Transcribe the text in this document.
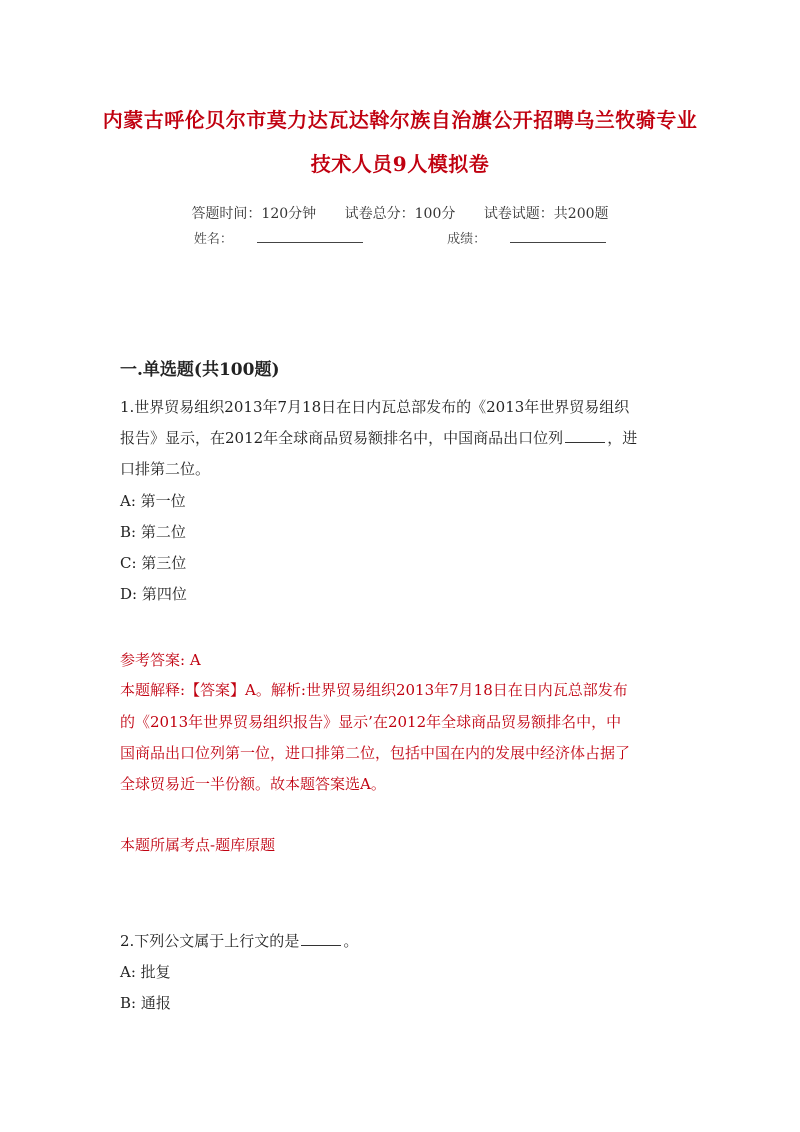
内蒙古呼伦贝尔市莫力达瓦达斡尔族自治旗公开招聘乌兰牧骑专业
技术人员9人模拟卷
答题时间：120分钟 试卷总分：100分 试卷试题：共200题
姓名：	成绩：
一.单选题(共100题)
1.世界贸易组织2013年7月18日在日内瓦总部发布的《2013年世界贸易组织
报告》显示，在2012年全球商品贸易额排名中，中国商品出口位列	，进
口排第二位。
A: 第一位
B: 第二位
C: 第三位
D: 第四位
参考答案: A
本题解释:【答案】A。解析:世界贸易组织2013年7月18日在日内瓦总部发布
的《2013年世界贸易组织报告》显示’在2012年全球商品贸易额排名中，中
国商品出口位列第一位，进口排第二位，包括中国在内的发展中经济体占据了
全球贸易近一半份额。故本题答案选A。
本题所属考点-题库原题
2.下列公文属于上行文的是	。
A: 批复
B: 通报
